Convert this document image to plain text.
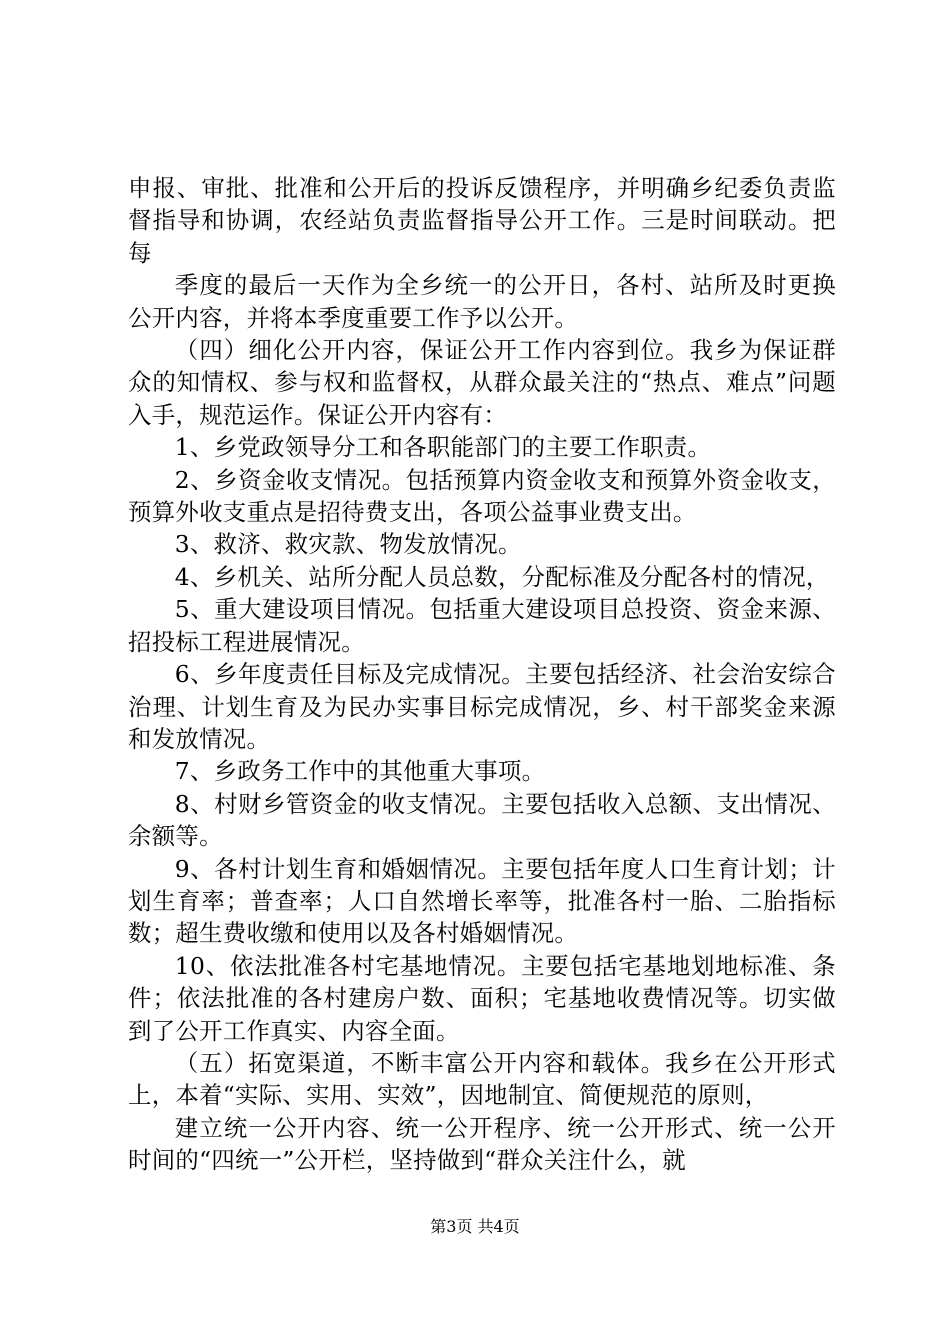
申报、审批、批准和公开后的投诉反馈程序，并明确乡纪委负责监督指导和协调，农经站负责监督指导公开工作。三是时间联动。把每

季度的最后一天作为全乡统一的公开日，各村、站所及时更换公开内容，并将本季度重要工作予以公开。

（四）细化公开内容，保证公开工作内容到位。我乡为保证群众的知情权、参与权和监督权，从群众最关注的“热点、难点”问题入手，规范运作。保证公开内容有：

1、乡党政领导分工和各职能部门的主要工作职责。

2、乡资金收支情况。包括预算内资金收支和预算外资金收支，预算外收支重点是招待费支出，各项公益事业费支出。

3、救济、救灾款、物发放情况。

4、乡机关、站所分配人员总数，分配标准及分配各村的情况，

5、重大建设项目情况。包括重大建设项目总投资、资金来源、招投标工程进展情况。

6、乡年度责任目标及完成情况。主要包括经济、社会治安综合治理、计划生育及为民办实事目标完成情况，乡、村干部奖金来源和发放情况。

7、乡政务工作中的其他重大事项。

8、村财乡管资金的收支情况。主要包括收入总额、支出情况、余额等。

9、各村计划生育和婚姻情况。主要包括年度人口生育计划；计划生育率；普查率；人口自然增长率等，批准各村一胎、二胎指标数；超生费收缴和使用以及各村婚姻情况。

10、依法批准各村宅基地情况。主要包括宅基地划地标准、条件；依法批准的各村建房户数、面积；宅基地收费情况等。切实做到了公开工作真实、内容全面。

（五）拓宽渠道，不断丰富公开内容和载体。我乡在公开形式上，本着“实际、实用、实效”，因地制宜、简便规范的原则，

建立统一公开内容、统一公开程序、统一公开形式、统一公开时间的“四统一”公开栏，坚持做到“群众关注什么，就

第3页 共4页
